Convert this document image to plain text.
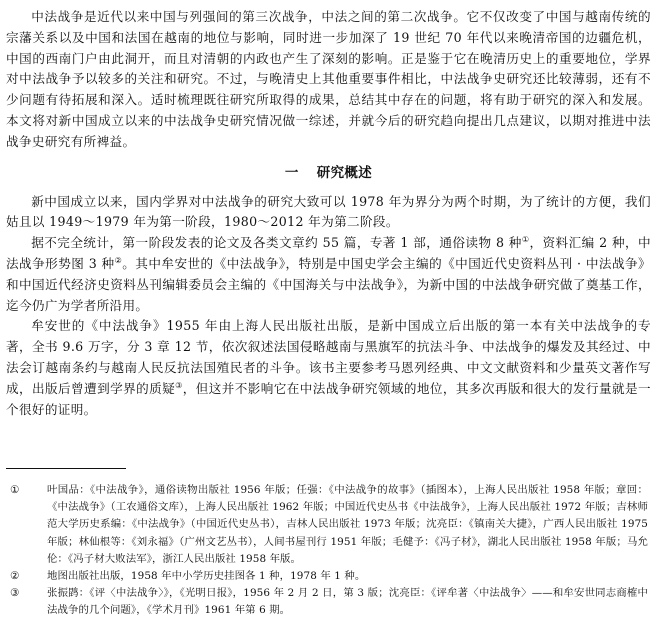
中法战争是近代以来中国与列强间的第三次战争，中法之间的第二次战争。它不仅改变了中国与越南传统的宗藩关系以及中国和法国在越南的地位与影响，同时进一步加深了 19 世纪 70 年代以来晚清帝国的边疆危机，中国的西南门户由此洞开，而且对清朝的内政也产生了深刻的影响。正是鉴于它在晚清历史上的重要地位，学界对中法战争予以较多的关注和研究。不过，与晚清史上其他重要事件相比，中法战争史研究还比较薄弱，还有不少问题有待拓展和深入。适时梳理既往研究所取得的成果，总结其中存在的问题，将有助于研究的深入和发展。本文将对新中国成立以来的中法战争史研究情况做一综述，并就今后的研究趋向提出几点建议，以期对推进中法战争史研究有所裨益。

一 研究概述

新中国成立以来，国内学界对中法战争的研究大致可以 1978 年为界分为两个时期，为了统计的方便，我们姑且以 1949～1979 年为第一阶段，1980～2012 年为第二阶段。

据不完全统计，第一阶段发表的论文及各类文章约 55 篇，专著 1 部，通俗读物 8 种①，资料汇编 2 种，中法战争形势图 3 种②。其中牟安世的《中法战争》，特别是中国史学会主编的《中国近代史资料丛刊 · 中法战争》和中国近代经济史资料丛刊编辑委员会主编的《中国海关与中法战争》，为新中国的中法战争研究做了奠基工作，迄今仍广为学者所沿用。

牟安世的《中法战争》1955 年由上海人民出版社出版，是新中国成立后出版的第一本有关中法战争的专著，全书 9.6 万字，分 3 章 12 节，依次叙述法国侵略越南与黑旗军的抗法斗争、中法战争的爆发及其经过、中法会订越南条约与越南人民反抗法国殖民者的斗争。该书主要参考马恩列经典、中文文献资料和少量英文著作写成，出版后曾遭到学界的质疑③，但这并不影响它在中法战争研究领域的地位，其多次再版和很大的发行量就是一个很好的证明。

①	叶国品：《中法战争》，通俗读物出版社 1956 年版；任强：《中法战争的故事》（插图本），上海人民出版社 1958 年版；章回：《中法战争》（工农通俗文库），上海人民出版社 1962 年版；中国近代史丛书《中法战争》，上海人民出版社 1972 年版；吉林师范大学历史系编：《中法战争》（中国近代史丛书），吉林人民出版社 1973 年版；沈亮臣：《镇南关大捷》，广西人民出版社 1975 年版；林仙根等：《刘永福》（广州文艺丛书），人间书屋刊行 1951 年版；毛健予：《冯子材》，湖北人民出版社 1958 年版；马允伦：《冯子材大败法军》，浙江人民出版社 1958 年版。
②	地图出版社出版，1958 年中小学历史挂图各 1 种，1978 年 1 种。
③	张振鹍：《评〈中法战争〉》，《光明日报》，1956 年 2 月 2 日，第 3 版；沈亮臣：《评牟著〈中法战争〉——和牟安世同志商榷中法战争的几个问题》，《学术月刊》1961 年第 6 期。
